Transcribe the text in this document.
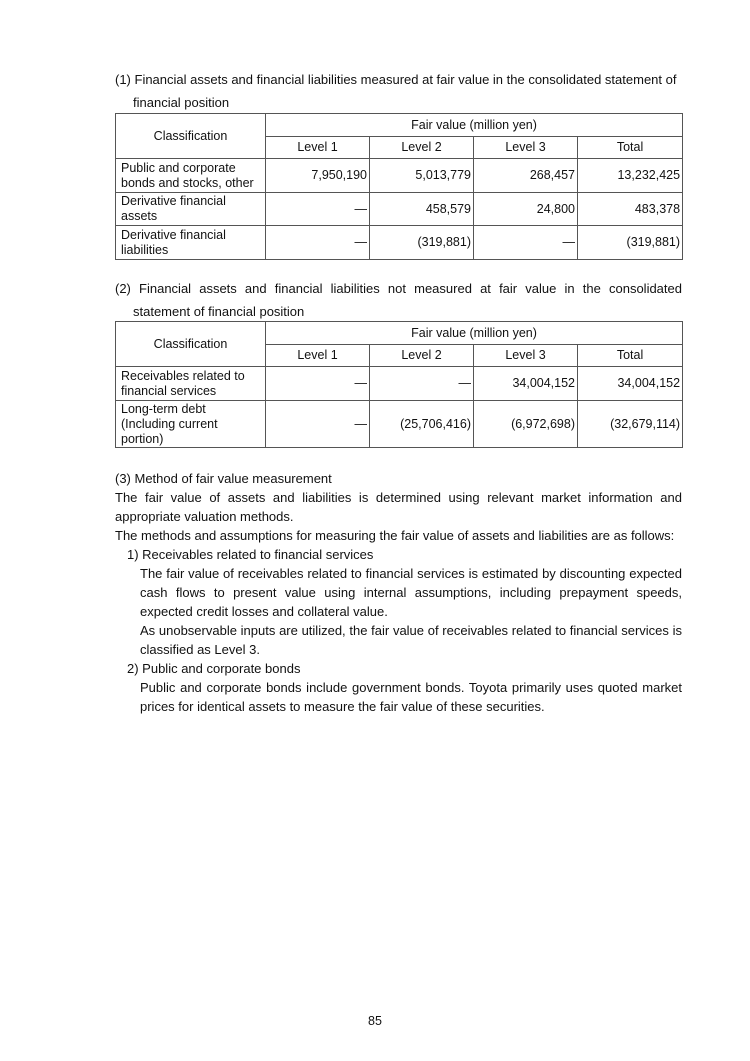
(1) Financial assets and financial liabilities measured at fair value in the consolidated statement of
financial position
Classification	Fair value (million yen)			
	Level 1	Level 2	Level 3	Total
Public and corporate bonds and stocks, other	7,950,190	5,013,779	268,457	13,232,425
Derivative financial assets	—	458,579	24,800	483,378
Derivative financial liabilities	—	(319,881)	—	(319,881)
(2) Financial assets and financial liabilities not measured at fair value in the consolidated
statement of financial position
Classification	Fair value (million yen)			
	Level 1	Level 2	Level 3	Total
Receivables related to financial services	—	—	34,004,152	34,004,152
Long-term debt (Including current portion)	—	(25,706,416)	(6,972,698)	(32,679,114)

(3) Method of fair value measurement

The fair value of assets and liabilities is determined using relevant market information and appropriate valuation methods.

The methods and assumptions for measuring the fair value of assets and liabilities are as follows:

1) Receivables related to financial services

The fair value of receivables related to financial services is estimated by discounting expected cash flows to present value using internal assumptions, including prepayment speeds, expected credit losses and collateral value.

As unobservable inputs are utilized, the fair value of receivables related to financial services is classified as Level 3.

2) Public and corporate bonds

Public and corporate bonds include government bonds. Toyota primarily uses quoted market prices for identical assets to measure the fair value of these securities.

85
